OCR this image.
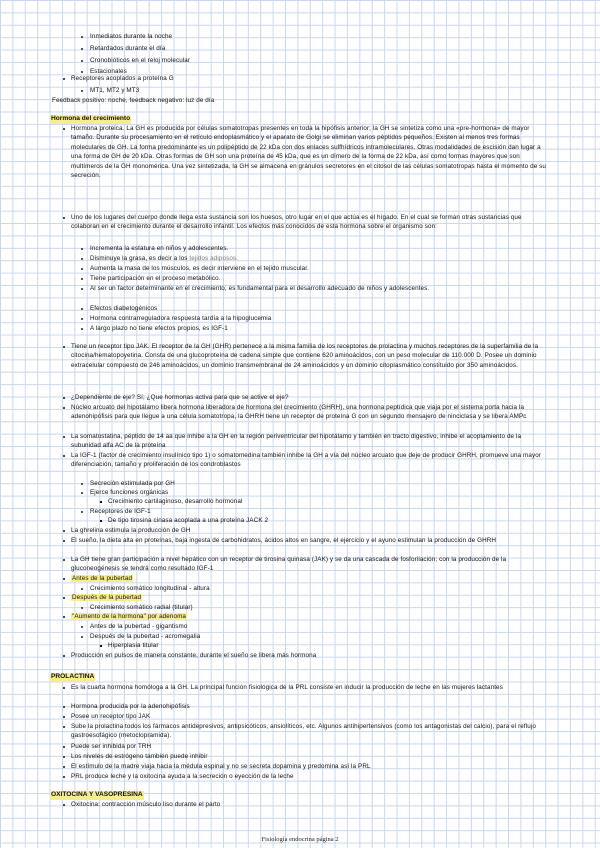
Inmediatos durante la noche
Retardados durante el día
Cronobióticos en el reloj molecular
Estacionales
Receptores acoplados a proteína G
MT1, MT2 y MT3
Feedback positivo: noche, feedback negativo: luz de día
Hormona del crecimiento
Hormona proteica. La GH es producida por células somatotropas presentes en toda la hipófisis anterior; la GH se sintetiza como una «pre-hormona» de mayor tamaño. Durante su procesamiento en el retículo endoplasmático y el aparato de Golgi se eliminan varios péptidos pequeños. Existen al menos tres formas moleculares de GH. La forma predominante es un polipéptido de 22 kDa con dos enlaces sulfhídricos intramoleculares. Otras modalidades de escisión dan lugar a una forma de GH de 20 kDa. Otras formas de GH son una proteína de 45 kDa, que es un dímero de la forma de 22 kDa, así como formas mayores que son multímeros de la GH monomérica. Una vez sintetizada, la GH se almacena en gránulos secretores en el citosol de las células somatotropas hasta el momento de su secreción.
Uno de los lugares del cuerpo donde llega esta sustancia son los huesos, otro lugar en el que actúa es el hígado. En el cual se forman otras sustancias que colaboran en el crecimiento durante el desarrollo infantil. Los efectos más conocidos de esta hormona sobre el organismo son:
Incrementa la estatura en niños y adolescentes.
Disminuye la grasa, es decir a los tejidos adiposos.
Aumenta la masa de los músculos, es decir interviene en el tejido muscular.
Tiene participación en el proceso metabólico.
Al ser un factor determinante en el crecimiento, es fundamental para el desarrollo adecuado de niños y adolescentes.
Efectos diabetogénicos
Hormona contrarreguladora respuesta tardía a la hipoglucemia
A largo plazo no tiene efectos propios, es IGF-1
Tiene un receptor tipo JAK. El receptor de la GH (GHR) pertenece a la misma familia de los receptores de prolactina y muchos receptores de la superfamilia de la citocina/hematopoyetina. Consta de una glucoproteína de cadena simple que contiene 620 aminoácidos, con un peso molecular de 110.000 D. Posee un dominio extracelular compuesto de 246 aminoácidos, un dominio transmembranal de 24 aminoácidos y un dominio citoplasmático constituido por 350 aminoácidos.
¿Dependiente de eje? Sí; ¿Que hormonas activa para que se active el eje?
Núcleo arcuato del hipotálamo libera hormona liberadora de hormona del crecimiento (GHRH), una hormona peptídica que viaja por el sistema porta hacia la adenohipófisis para que llegue a una célula somatotropa, la GHRH tiene un receptor de proteína G con un segundo mensajero de ninciclasa y se libera AMPc
La somatostatina, péptido de 14 aa que inhibe a la GH en la región periventricular del hipotálamo y también en tracto digestivo, inhibe el acoplamiento de la subunidad alfa AC de la proteína
La IGF-1 (factor de crecimiento insulínico tipo 1) o somatomedina también inhibe la GH a vía del núcleo arcuato que deje de producir GHRH, promueve una mayor diferenciación, tamaño y proliferación de los condroblastos
Secreción estimulada por GH
Ejerce funciones orgánicas
Crecimiento cartilaginoso, desarrollo hormonal
Receptores de IGF-1
De tipo tirosina cinasa acoplada a una proteína JACK 2
La ghrelina estimula la producción de GH
El sueño, la dieta alta en proteínas, baja ingesta de carbohidratos, ácidos altos en sangre, el ejercicio y el ayuno estimulan la producción de GHRH
La GH tiene gran participación a nivel hepático con un receptor de tirosina quinasa (JAK) y se da una cascada de fosforilación; con la producción de la gluconeogénesis se tendrá como resultado IGF-1
Antes de la pubertad
Crecimiento somático longitudinal - altura
Después de la pubertad
Crecimiento somático radial (titular)
"Aumento de la hormona" por adenoma
Antes de la pubertad - gigantismo
Después de la pubertad - acromegalia
Hiperplasia titular
Producción en pulsos de manera constante, durante el sueño se libera más hormona
PROLACTINA
Es la cuarta hormona homóloga a la GH. La principal función fisiológica de la PRL consiste en inducir la producción de leche en las mujeres lactantes
Hormona producida por la adenohipófisis
Posee un receptor tipo JAK
Sube la prolactina todos los fármacos antidepresivos, antipsicóticos, ansiolíticos, etc. Algunos antihipertensivos (como los antagonistas del calcio), para el reflujo gastroesofágico (metoclopramida).
Puede ser inhibida por TRH
Los niveles de estrógeno también puede inhibir
El estímulo de la madre viaja hacia la médula espinal y no se secreta dopamina y predomina así la PRL
PRL produce leche y la oxitocina ayuda a la secreción o eyección de la leche
OXITOCINA Y VASOPRESINA
Oxitocina: contracción músculo liso durante el parto
Fisiología endocrina página 2
